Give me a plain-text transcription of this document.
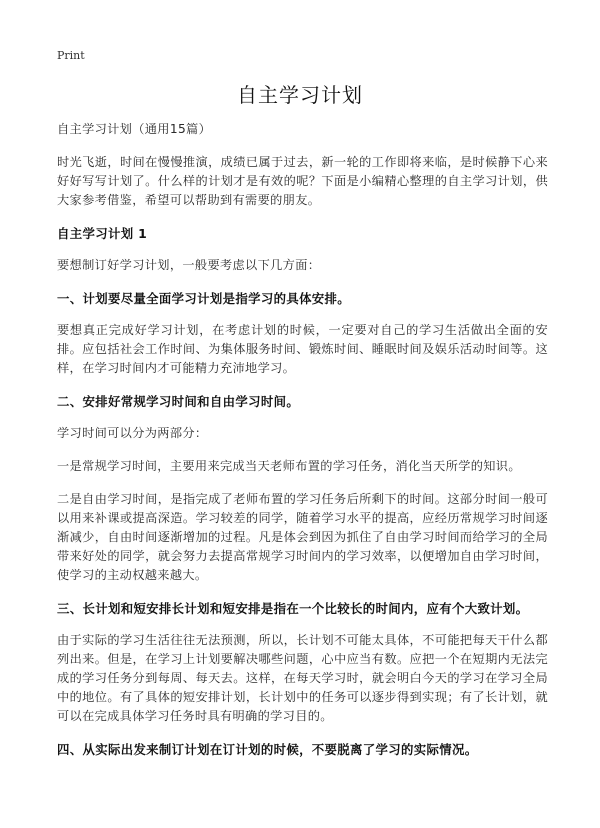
Print
自主学习计划

自主学习计划（通用15篇）

时光飞逝，时间在慢慢推演，成绩已属于过去，新一轮的工作即将来临，是时候静下心来好好写写计划了。什么样的计划才是有效的呢？下面是小编精心整理的自主学习计划，供大家参考借鉴，希望可以帮助到有需要的朋友。

自主学习计划 1

要想制订好学习计划，一般要考虑以下几方面：

一、计划要尽量全面学习计划是指学习的具体安排。

要想真正完成好学习计划，在考虑计划的时候，一定要对自己的学习生活做出全面的安排。应包括社会工作时间、为集体服务时间、锻炼时间、睡眠时间及娱乐活动时间等。这样，在学习时间内才可能精力充沛地学习。

二、安排好常规学习时间和自由学习时间。

学习时间可以分为两部分：

一是常规学习时间，主要用来完成当天老师布置的学习任务，消化当天所学的知识。

二是自由学习时间，是指完成了老师布置的学习任务后所剩下的时间。这部分时间一般可以用来补课或提高深造。学习较差的同学，随着学习水平的提高，应经历常规学习时间逐渐减少，自由时间逐渐增加的过程。凡是体会到因为抓住了自由学习时间而给学习的全局带来好处的同学，就会努力去提高常规学习时间内的学习效率，以便增加自由学习时间，使学习的主动权越来越大。

三、长计划和短安排长计划和短安排是指在一个比较长的时间内，应有个大致计划。

由于实际的学习生活往往无法预测，所以，长计划不可能太具体，不可能把每天干什么都列出来。但是，在学习上计划要解决哪些问题，心中应当有数。应把一个在短期内无法完成的学习任务分到每周、每天去。这样，在每天学习时，就会明白今天的学习在学习全局中的地位。有了具体的短安排计划，长计划中的任务可以逐步得到实现；有了长计划，就可以在完成具体学习任务时具有明确的学习目的。

四、从实际出发来制订计划在订计划的时候，不要脱离了学习的实际情况。
